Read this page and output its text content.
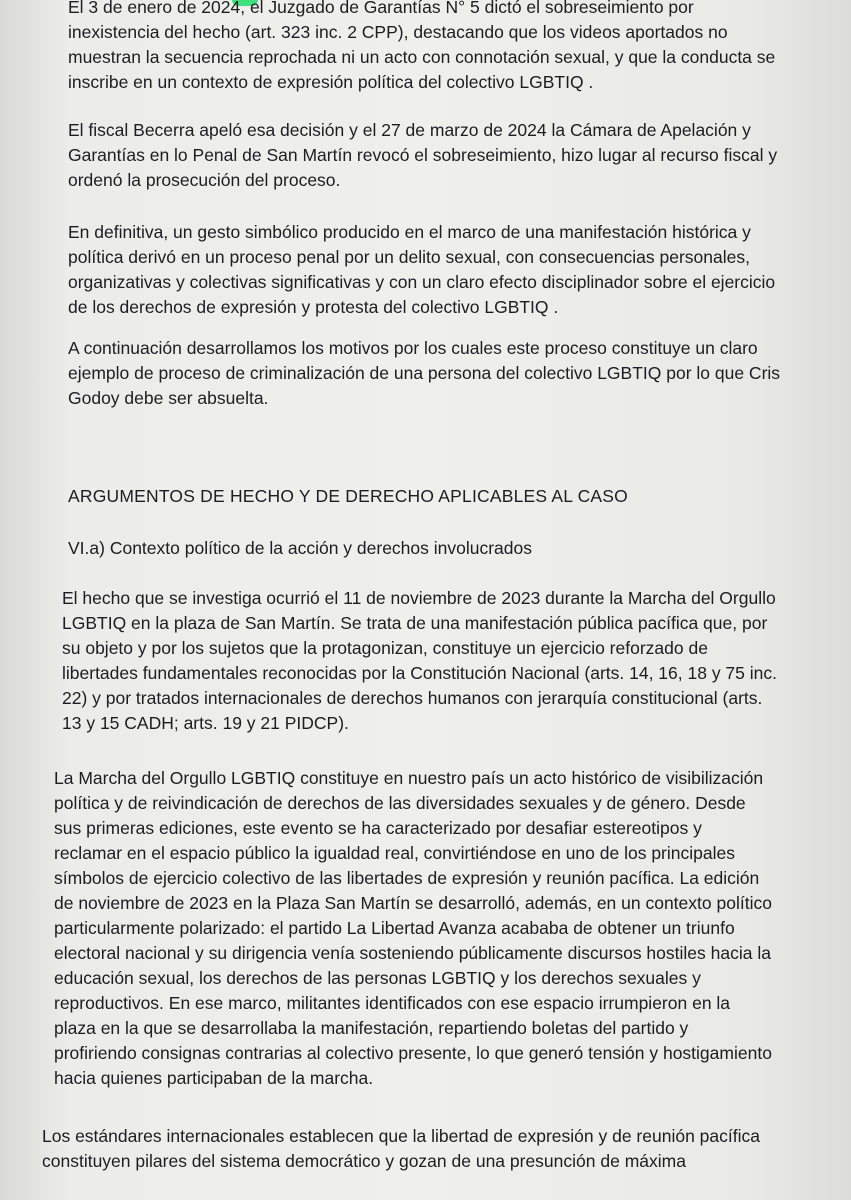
El 3 de enero de 2024, el Juzgado de Garantías N° 5 dictó el sobreseimiento por
inexistencia del hecho (art. 323 inc. 2 CPP), destacando que los videos aportados no
muestran la secuencia reprochada ni un acto con connotación sexual, y que la conducta se
inscribe en un contexto de expresión política del colectivo LGBTIQ .

El fiscal Becerra apeló esa decisión y el 27 de marzo de 2024 la Cámara de Apelación y
Garantías en lo Penal de San Martín revocó el sobreseimiento, hizo lugar al recurso fiscal y
ordenó la prosecución del proceso.

En definitiva, un gesto simbólico producido en el marco de una manifestación histórica y
política derivó en un proceso penal por un delito sexual, con consecuencias personales,
organizativas y colectivas significativas y con un claro efecto disciplinador sobre el ejercicio
de los derechos de expresión y protesta del colectivo LGBTIQ .

A continuación desarrollamos los motivos por los cuales este proceso constituye un claro
ejemplo de proceso de criminalización de una persona del colectivo LGBTIQ por lo que Cris
Godoy debe ser absuelta.

ARGUMENTOS DE HECHO Y DE DERECHO APLICABLES AL CASO
VI.a) Contexto político de la acción y derechos involucrados

El hecho que se investiga ocurrió el 11 de noviembre de 2023 durante la Marcha del Orgullo
LGBTIQ en la plaza de San Martín. Se trata de una manifestación pública pacífica que, por
su objeto y por los sujetos que la protagonizan, constituye un ejercicio reforzado de
libertades fundamentales reconocidas por la Constitución Nacional (arts. 14, 16, 18 y 75 inc.
22) y por tratados internacionales de derechos humanos con jerarquía constitucional (arts.
13 y 15 CADH; arts. 19 y 21 PIDCP).

La Marcha del Orgullo LGBTIQ constituye en nuestro país un acto histórico de visibilización
política y de reivindicación de derechos de las diversidades sexuales y de género. Desde
sus primeras ediciones, este evento se ha caracterizado por desafiar estereotipos y
reclamar en el espacio público la igualdad real, convirtiéndose en uno de los principales
símbolos de ejercicio colectivo de las libertades de expresión y reunión pacífica. La edición
de noviembre de 2023 en la Plaza San Martín se desarrolló, además, en un contexto político
particularmente polarizado: el partido La Libertad Avanza acababa de obtener un triunfo
electoral nacional y su dirigencia venía sosteniendo públicamente discursos hostiles hacia la
educación sexual, los derechos de las personas LGBTIQ y los derechos sexuales y
reproductivos. En ese marco, militantes identificados con ese espacio irrumpieron en la
plaza en la que se desarrollaba la manifestación, repartiendo boletas del partido y
profiriendo consignas contrarias al colectivo presente, lo que generó tensión y hostigamiento
hacia quienes participaban de la marcha.

Los estándares internacionales establecen que la libertad de expresión y de reunión pacífica
constituyen pilares del sistema democrático y gozan de una presunción de máxima
